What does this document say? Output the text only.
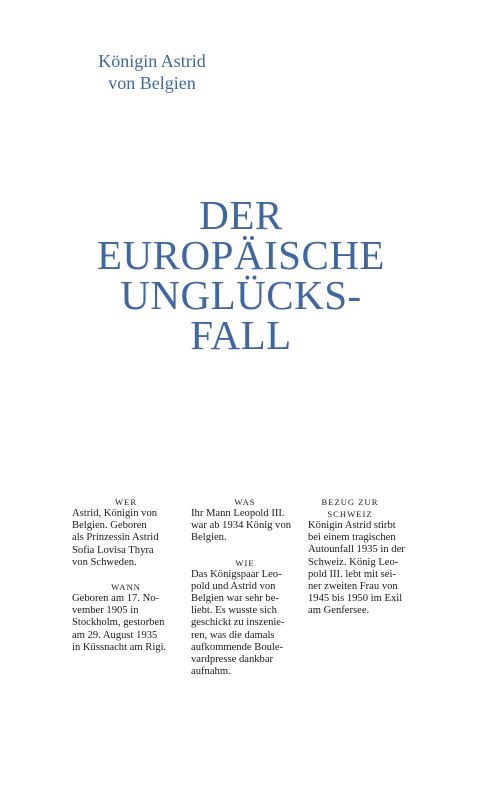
Königin Astrid
von Belgien
DER
EUROPÄISCHE
UNGLÜCKS-
FALL
WER
Astrid, Königin von
Belgien. Geboren
als Prinzessin Astrid
Sofia Lovisa Thyra
von Schweden.
WANN
Geboren am 17. No-
vember 1905 in
Stockholm, gestorben
am 29. August 1935
in Küssnacht am Rigi.
WAS
Ihr Mann Leopold III.
war ab 1934 König von
Belgien.
WIE
Das Königspaar Leo-
pold und Astrid von
Belgien war sehr be-
liebt. Es wusste sich
geschickt zu inszenie-
ren, was die damals
aufkommende Boule-
vardpresse dankbar
aufnahm.
BEZUG ZUR
SCHWEIZ
Königin Astrid stirbt
bei einem tragischen
Autounfall 1935 in der
Schweiz. König Leo-
pold III. lebt mit sei-
ner zweiten Frau von
1945 bis 1950 im Exil
am Genfersee.
